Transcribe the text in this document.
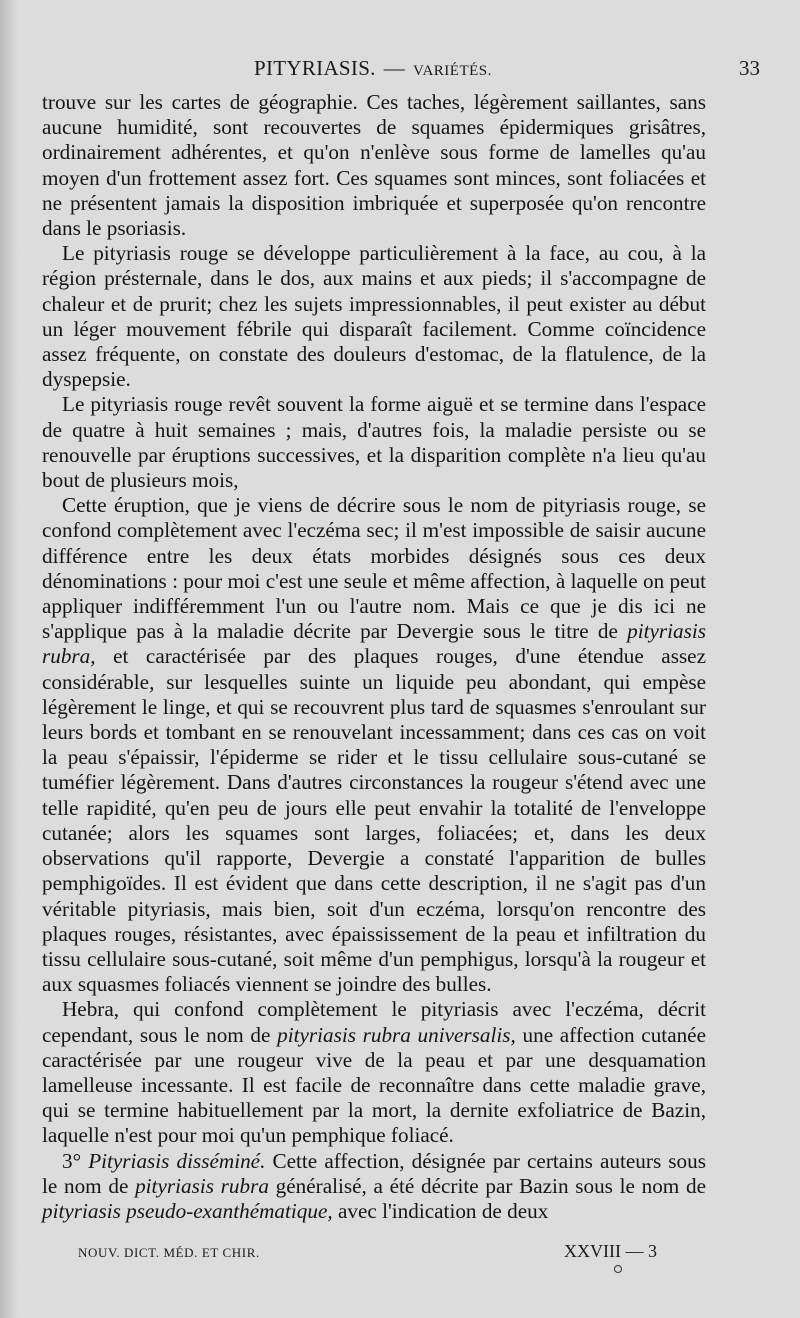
PITYRIASIS. — VARIÉTÉS.	33

trouve sur les cartes de géographie. Ces taches, légèrement saillantes, sans aucune humidité, sont recouvertes de squames épidermiques grisâtres, ordinairement adhérentes, et qu'on n'enlève sous forme de lamelles qu'au moyen d'un frottement assez fort. Ces squames sont minces, sont foliacées et ne présentent jamais la disposition imbriquée et superposée qu'on rencontre dans le psoriasis.

Le pityriasis rouge se développe particulièrement à la face, au cou, à la région présternale, dans le dos, aux mains et aux pieds; il s'accompagne de chaleur et de prurit; chez les sujets impressionnables, il peut exister au début un léger mouvement fébrile qui disparaît facilement. Comme coïncidence assez fréquente, on constate des douleurs d'estomac, de la flatulence, de la dyspepsie.

Le pityriasis rouge revêt souvent la forme aiguë et se termine dans l'espace de quatre à huit semaines ; mais, d'autres fois, la maladie persiste ou se renouvelle par éruptions successives, et la disparition complète n'a lieu qu'au bout de plusieurs mois,

Cette éruption, que je viens de décrire sous le nom de pityriasis rouge, se confond complètement avec l'eczéma sec; il m'est impossible de saisir aucune différence entre les deux états morbides désignés sous ces deux dénominations : pour moi c'est une seule et même affection, à laquelle on peut appliquer indifféremment l'un ou l'autre nom. Mais ce que je dis ici ne s'applique pas à la maladie décrite par Devergie sous le titre de pityriasis rubra, et caractérisée par des plaques rouges, d'une étendue assez considérable, sur lesquelles suinte un liquide peu abondant, qui empèse légèrement le linge, et qui se recouvrent plus tard de squasmes s'enroulant sur leurs bords et tombant en se renouvelant incessamment; dans ces cas on voit la peau s'épaissir, l'épiderme se rider et le tissu cellulaire sous-cutané se tuméfier légèrement. Dans d'autres circonstances la rougeur s'étend avec une telle rapidité, qu'en peu de jours elle peut envahir la totalité de l'enveloppe cutanée; alors les squames sont larges, foliacées; et, dans les deux observations qu'il rapporte, Devergie a constaté l'apparition de bulles pemphigoïdes. Il est évident que dans cette description, il ne s'agit pas d'un véritable pityriasis, mais bien, soit d'un eczéma, lorsqu'on rencontre des plaques rouges, résistantes, avec épaississement de la peau et infiltration du tissu cellulaire sous-cutané, soit même d'un pemphigus, lorsqu'à la rougeur et aux squasmes foliacés viennent se joindre des bulles.

Hebra, qui confond complètement le pityriasis avec l'eczéma, décrit cependant, sous le nom de pityriasis rubra universalis, une affection cutanée caractérisée par une rougeur vive de la peau et par une desquamation lamelleuse incessante. Il est facile de reconnaître dans cette maladie grave, qui se termine habituellement par la mort, la dernite exfoliatrice de Bazin, laquelle n'est pour moi qu'un pemphique foliacé.

3° Pityriasis disséminé. Cette affection, désignée par certains auteurs sous le nom de pityriasis rubra généralisé, a été décrite par Bazin sous le nom de pityriasis pseudo-exanthématique, avec l'indication de deux

NOUV. DICT. MÉD. ET CHIR.	XXVIII — 3
